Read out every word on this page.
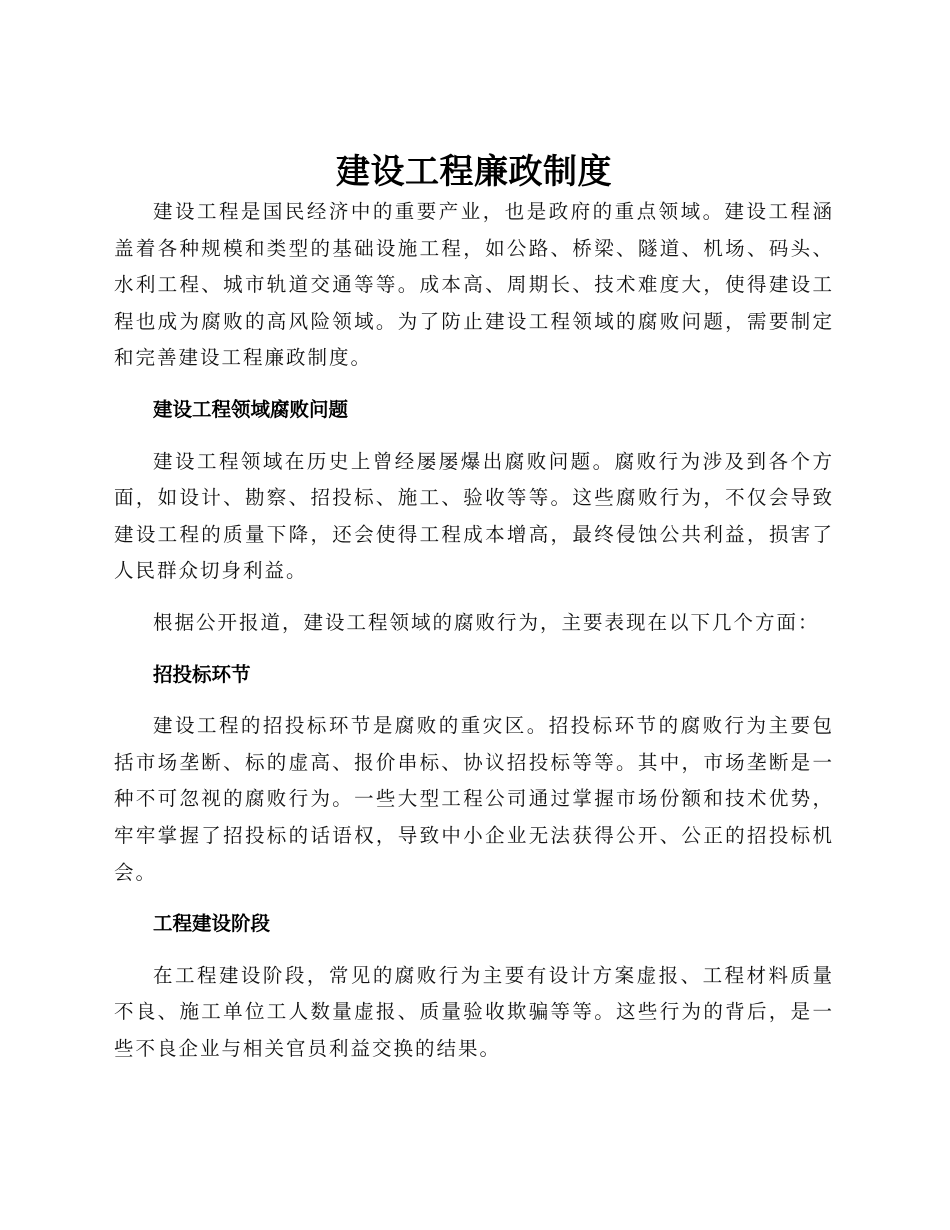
建设工程廉政制度

建设工程是国民经济中的重要产业，也是政府的重点领域。建设工程涵盖着各种规模和类型的基础设施工程，如公路、桥梁、隧道、机场、码头、水利工程、城市轨道交通等等。成本高、周期长、技术难度大，使得建设工程也成为腐败的高风险领域。为了防止建设工程领域的腐败问题，需要制定和完善建设工程廉政制度。

建设工程领域腐败问题

建设工程领域在历史上曾经屡屡爆出腐败问题。腐败行为涉及到各个方面，如设计、勘察、招投标、施工、验收等等。这些腐败行为，不仅会导致建设工程的质量下降，还会使得工程成本增高，最终侵蚀公共利益，损害了人民群众切身利益。

根据公开报道，建设工程领域的腐败行为，主要表现在以下几个方面：

招投标环节

建设工程的招投标环节是腐败的重灾区。招投标环节的腐败行为主要包括市场垄断、标的虚高、报价串标、协议招投标等等。其中，市场垄断是一种不可忽视的腐败行为。一些大型工程公司通过掌握市场份额和技术优势，牢牢掌握了招投标的话语权，导致中小企业无法获得公开、公正的招投标机会。

工程建设阶段

在工程建设阶段，常见的腐败行为主要有设计方案虚报、工程材料质量不良、施工单位工人数量虚报、质量验收欺骗等等。这些行为的背后，是一些不良企业与相关官员利益交换的结果。
